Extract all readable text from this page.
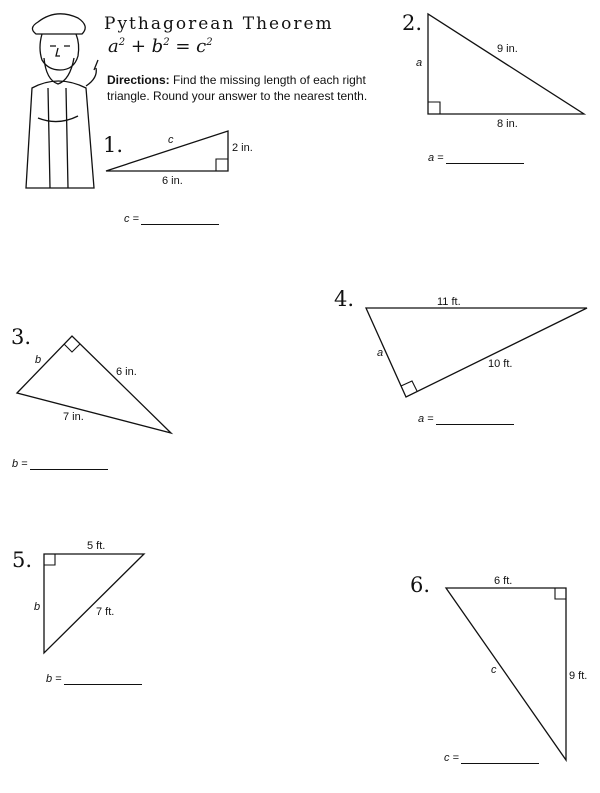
Pythagorean Theorem
$a^2 + b^2 = c^2$
Directions: Find the missing length of each right triangle. Round your answer to the nearest tenth.
1.	c
2 in.
6 in.
c =
2.
9 in.
a
8 in.
a =
3.
b
6 in.
7 in.
b =
4.	11 ft.
a
10 ft.
a =
5.
5 ft.
b	7 ft.
b =
6.	6 ft.
c	9 ft.
c =
